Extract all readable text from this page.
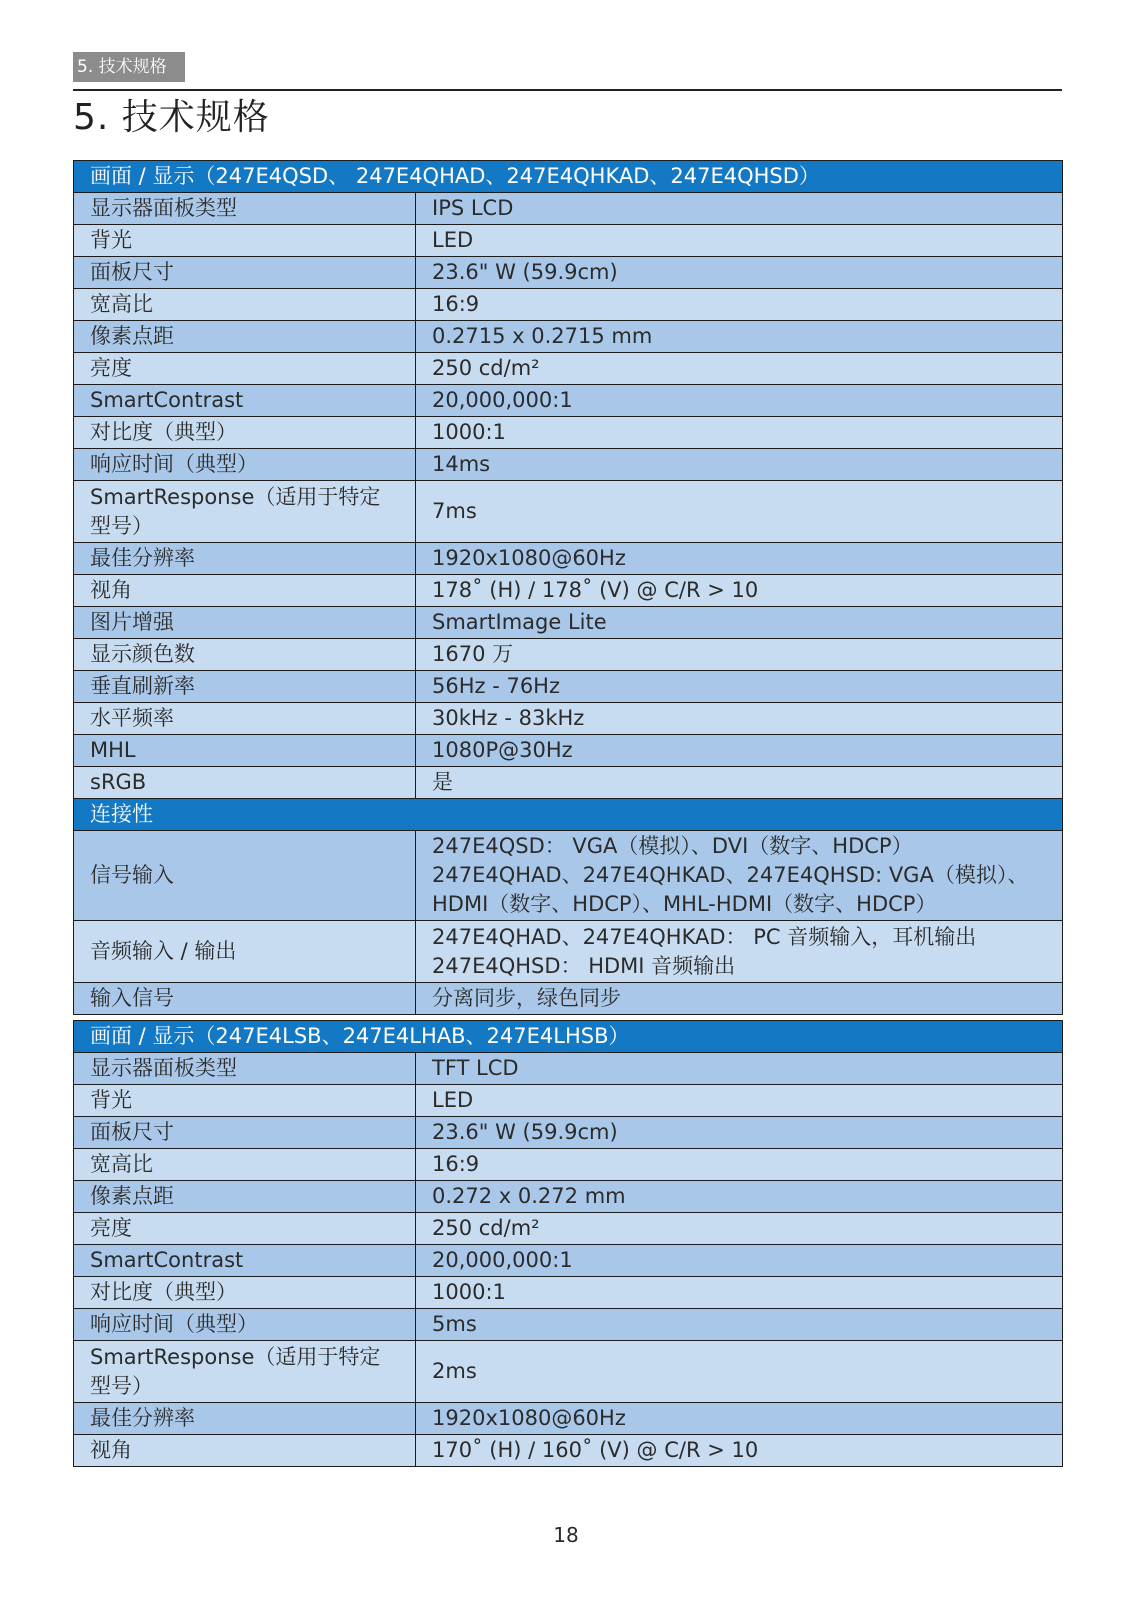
5. 技术规格
5. 技术规格
画面 / 显示（247E4QSD、 247E4QHAD、247E4QHKAD、247E4QHSD）	
显示器面板类型	IPS LCD
背光	LED
面板尺寸	23.6" W (59.9cm)
宽高比	16:9
像素点距	0.2715 x 0.2715 mm
亮度	250 cd/m²
SmartContrast	20,000,000:1
对比度（典型）	1000:1
响应时间（典型）	14ms

SmartResponse（适用于特定
型号）	7ms
最佳分辨率	1920x1080@60Hz
视角	178˚ (H) / 178˚ (V) @ C/R > 10
图片增强	SmartImage Lite
显示颜色数	1670 万
垂直刷新率	56Hz - 76Hz
水平频率	30kHz - 83kHz
MHL	1080P@30Hz
sRGB	是
连接性	
信号输入	247E4QSD： VGA（模拟）、DVI（数字、HDCP）
247E4QHAD、247E4QHKAD、247E4QHSD: VGA（模拟）、
HDMI（数字、HDCP）、MHL-HDMI（数字、HDCP）

音频输入 / 输出	247E4QHAD、247E4QHKAD： PC 音频输入，耳机输出
247E4QHSD： HDMI 音频输出

输入信号	分离同步，绿色同步
画面 / 显示（247E4LSB、247E4LHAB、247E4LHSB）	
显示器面板类型	TFT LCD
背光	LED
面板尺寸	23.6" W (59.9cm)
宽高比	16:9
像素点距	0.272 x 0.272 mm
亮度	250 cd/m²
SmartContrast	20,000,000:1
对比度（典型）	1000:1
响应时间（典型）	5ms

SmartResponse（适用于特定
型号）	2ms
最佳分辨率	1920x1080@60Hz
视角	170˚ (H) / 160˚ (V) @ C/R > 10
18
